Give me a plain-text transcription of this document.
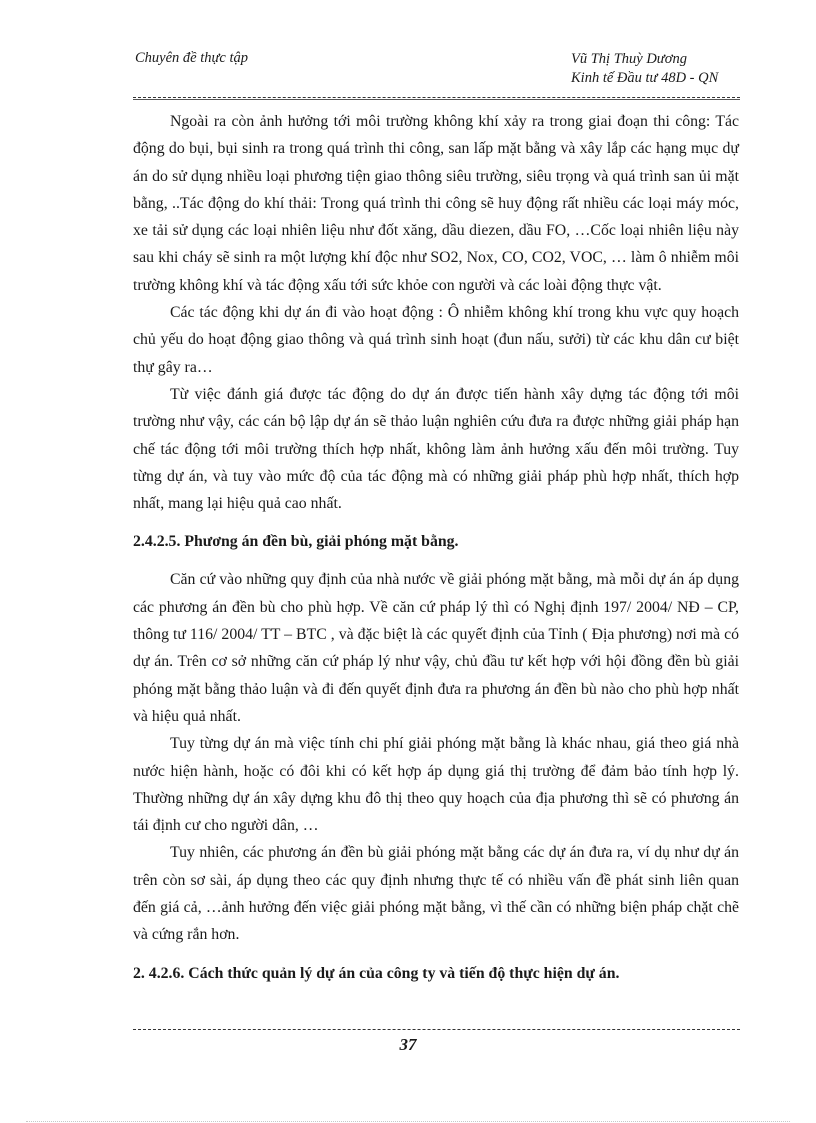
Chuyên đề thực tập	Vũ Thị Thuỳ Dương
Kinh tế Đầu tư 48D - QN

Ngoài ra còn ảnh hưởng tới môi trường không khí xảy ra trong giai đoạn thi công: Tác động do bụi, bụi sinh ra trong quá trình thi công, san lấp mặt bằng và xây lắp các hạng mục dự án do sử dụng nhiều loại phương tiện giao thông siêu trường, siêu trọng và quá trình san ủi mặt bằng, ..Tác động do khí thải: Trong quá trình thi công sẽ huy động rất nhiều các loại máy móc, xe tải sử dụng các loại nhiên liệu như đốt xăng, dầu diezen, dầu FO, …Cốc loại nhiên liệu này sau khi cháy sẽ sinh ra một lượng khí độc như SO2, Nox, CO, CO2, VOC, … làm ô nhiễm môi trường không khí và tác động xấu tới sức khỏe con người và các loài động thực vật.

Các tác động khi dự án đi vào hoạt động : Ô nhiễm không khí trong khu vực quy hoạch chủ yếu do hoạt động giao thông và quá trình sinh hoạt (đun nấu, sưởi) từ các khu dân cư biệt thự gây ra…

Từ việc đánh giá được tác động do dự án được tiến hành xây dựng tác động tới môi trường như vậy, các cán bộ lập dự án sẽ thảo luận nghiên cứu đưa ra được những giải pháp hạn chế tác động tới môi trường thích hợp nhất, không làm ảnh hưởng xấu đến môi trường. Tuy từng dự án, và tuy vào mức độ của tác động mà có những giải pháp phù hợp nhất, thích hợp nhất, mang lại hiệu quả cao nhất.

2.4.2.5. Phương án đền bù, giải phóng mặt bằng.

Căn cứ vào những quy định của nhà nước về giải phóng mặt bằng, mà mỗi dự án áp dụng các phương án đền bù cho phù hợp. Về căn cứ pháp lý thì có Nghị định 197/ 2004/ NĐ – CP, thông tư 116/ 2004/ TT – BTC , và đặc biệt là các quyết định của Tỉnh ( Địa phương) nơi mà có dự án. Trên cơ sở những căn cứ pháp lý như vậy, chủ đầu tư kết hợp với hội đồng đền bù giải phóng mặt bằng thảo luận và đi đến quyết định đưa ra phương án đền bù nào cho phù hợp nhất và hiệu quả nhất.

Tuy từng dự án mà việc tính chi phí giải phóng mặt bằng là khác nhau, giá theo giá nhà nước hiện hành, hoặc có đôi khi có kết hợp áp dụng giá thị trường để đảm bảo tính hợp lý. Thường những dự án xây dựng khu đô thị theo quy hoạch của địa phương thì sẽ có phương án tái định cư cho người dân, …

Tuy nhiên, các phương án đền bù giải phóng mặt bằng các dự án đưa ra, ví dụ như dự án trên còn sơ sài, áp dụng theo các quy định nhưng thực tế có nhiều vấn đề phát sinh liên quan đến giá cả, …ảnh hưởng đến việc giải phóng mặt bằng, vì thế cần có những biện pháp chặt chẽ và cứng rắn hơn.

2. 4.2.6. Cách thức quản lý dự án của công ty và tiến độ thực hiện dự án.
37
